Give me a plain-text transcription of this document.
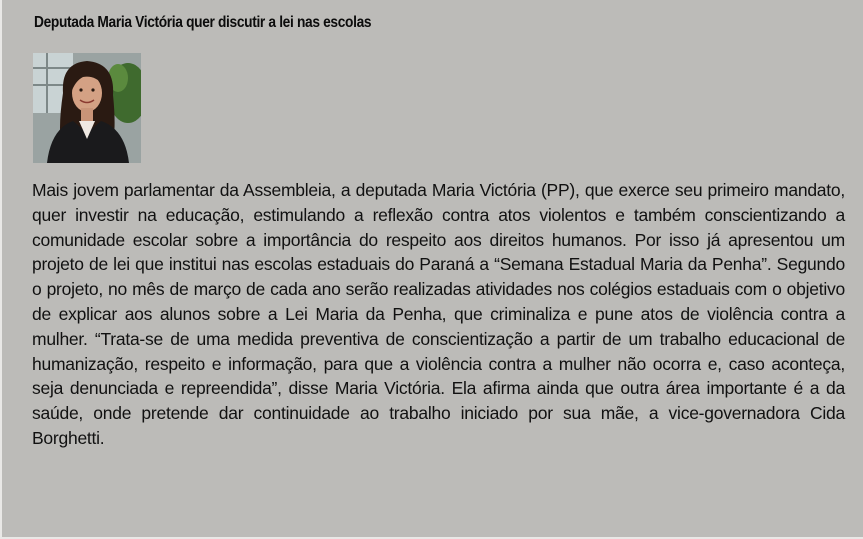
Deputada Maria Victória quer discutir a lei nas escolas
Mais jovem parlamentar da Assembleia, a deputada Maria Victória (PP), que exerce seu primeiro mandato, quer investir na educação, estimulando a reflexão contra atos violentos e também conscientizando a comunidade escolar sobre a importância do respeito aos direitos humanos. Por isso já apresentou um projeto de lei que institui nas escolas estaduais do Paraná a “Semana Estadual Maria da Penha”. Segundo o projeto, no mês de março de cada ano serão realizadas atividades nos colégios estaduais com o objetivo de explicar aos alunos sobre a Lei Maria da Penha, que criminaliza e pune atos de violência contra a mulher. “Trata-se de uma medida preventiva de conscientização a partir de um trabalho educacional de humanização, respeito e informação, para que a violência contra a mulher não ocorra e, caso aconteça, seja denunciada e repreendida”, disse Maria Victória. Ela afirma ainda que outra área importante é a da saúde, onde pretende dar continuidade ao trabalho iniciado por sua mãe, a vice-governadora Cida Borghetti.
